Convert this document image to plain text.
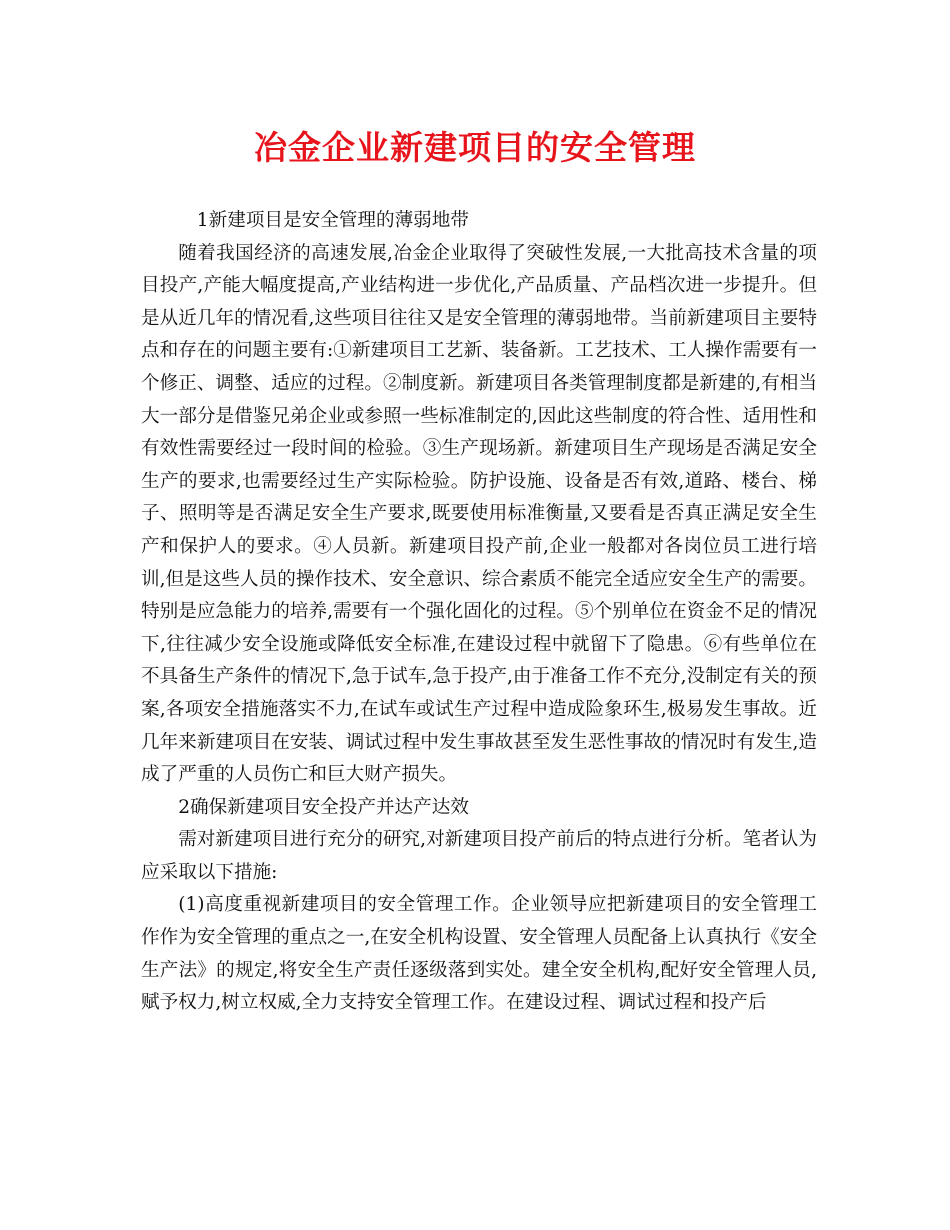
冶金企业新建项目的安全管理

1新建项目是安全管理的薄弱地带

随着我国经济的高速发展,冶金企业取得了突破性发展,一大批高技术含量的项目投产,产能大幅度提高,产业结构进一步优化,产品质量、产品档次进一步提升。但是从近几年的情况看,这些项目往往又是安全管理的薄弱地带。当前新建项目主要特点和存在的问题主要有:①新建项目工艺新、装备新。工艺技术、工人操作需要有一个修正、调整、适应的过程。②制度新。新建项目各类管理制度都是新建的,有相当大一部分是借鉴兄弟企业或参照一些标准制定的,因此这些制度的符合性、适用性和有效性需要经过一段时间的检验。③生产现场新。新建项目生产现场是否满足安全生产的要求,也需要经过生产实际检验。防护设施、设备是否有效,道路、楼台、梯子、照明等是否满足安全生产要求,既要使用标准衡量,又要看是否真正满足安全生产和保护人的要求。④人员新。新建项目投产前,企业一般都对各岗位员工进行培训,但是这些人员的操作技术、安全意识、综合素质不能完全适应安全生产的需要。特别是应急能力的培养,需要有一个强化固化的过程。⑤个别单位在资金不足的情况下,往往减少安全设施或降低安全标准,在建设过程中就留下了隐患。⑥有些单位在不具备生产条件的情况下,急于试车,急于投产,由于准备工作不充分,没制定有关的预案,各项安全措施落实不力,在试车或试生产过程中造成险象环生,极易发生事故。近几年来新建项目在安装、调试过程中发生事故甚至发生恶性事故的情况时有发生,造成了严重的人员伤亡和巨大财产损失。

2确保新建项目安全投产并达产达效

需对新建项目进行充分的研究,对新建项目投产前后的特点进行分析。笔者认为应采取以下措施:

(1)高度重视新建项目的安全管理工作。企业领导应把新建项目的安全管理工作作为安全管理的重点之一,在安全机构设置、安全管理人员配备上认真执行《安全生产法》的规定,将安全生产责任逐级落到实处。建全安全机构,配好安全管理人员,赋予权力,树立权威,全力支持安全管理工作。在建设过程、调试过程和投产后
